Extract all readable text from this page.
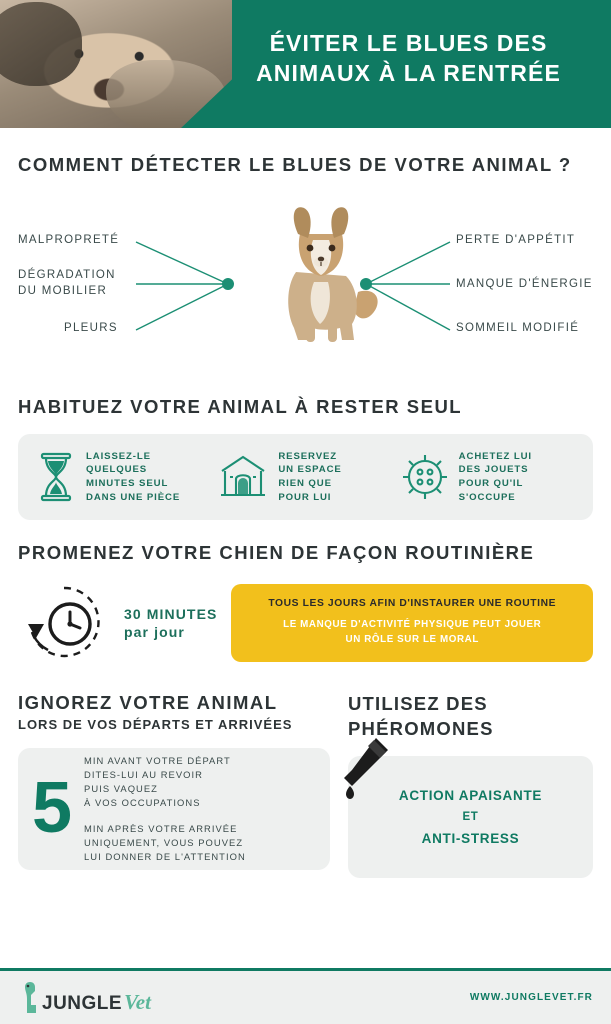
ÉVITER LE BLUES DES
ANIMAUX À LA RENTRÉE
COMMENT DÉTECTER LE BLUES DE VOTRE ANIMAL ?
MALPROPRETÉ
DÉGRADATION
DU MOBILIER
PLEURS
PERTE D'APPÉTIT
MANQUE D'ÉNERGIE
SOMMEIL MODIFIÉ
HABITUEZ VOTRE ANIMAL À RESTER SEUL
LAISSEZ-LE
QUELQUES
MINUTES SEUL
DANS UNE PIÈCE
RESERVEZ
UN ESPACE
RIEN QUE
POUR LUI
ACHETEZ LUI
DES JOUETS
POUR QU'IL
S'OCCUPE
PROMENEZ VOTRE CHIEN DE FAÇON ROUTINIÈRE
30 MINUTES
par jour
TOUS LES JOURS AFIN D'INSTAURER UNE ROUTINE
LE MANQUE D'ACTIVITÉ PHYSIQUE PEUT JOUER
UN RÔLE SUR LE MORAL
IGNOREZ VOTRE ANIMAL
LORS DE VOS DÉPARTS ET ARRIVÉES
5
MIN AVANT VOTRE DÉPART
DITES-LUI AU REVOIR
PUIS VAQUEZ
À VOS OCCUPATIONS
MIN APRÈS VOTRE ARRIVÉE
UNIQUEMENT, VOUS POUVEZ
LUI DONNER DE L'ATTENTION
UTILISEZ DES
PHÉROMONES
ACTION APAISANTE
ET
ANTI-STRESS
JUNGLE Vet	WWW.JUNGLEVET.FR
